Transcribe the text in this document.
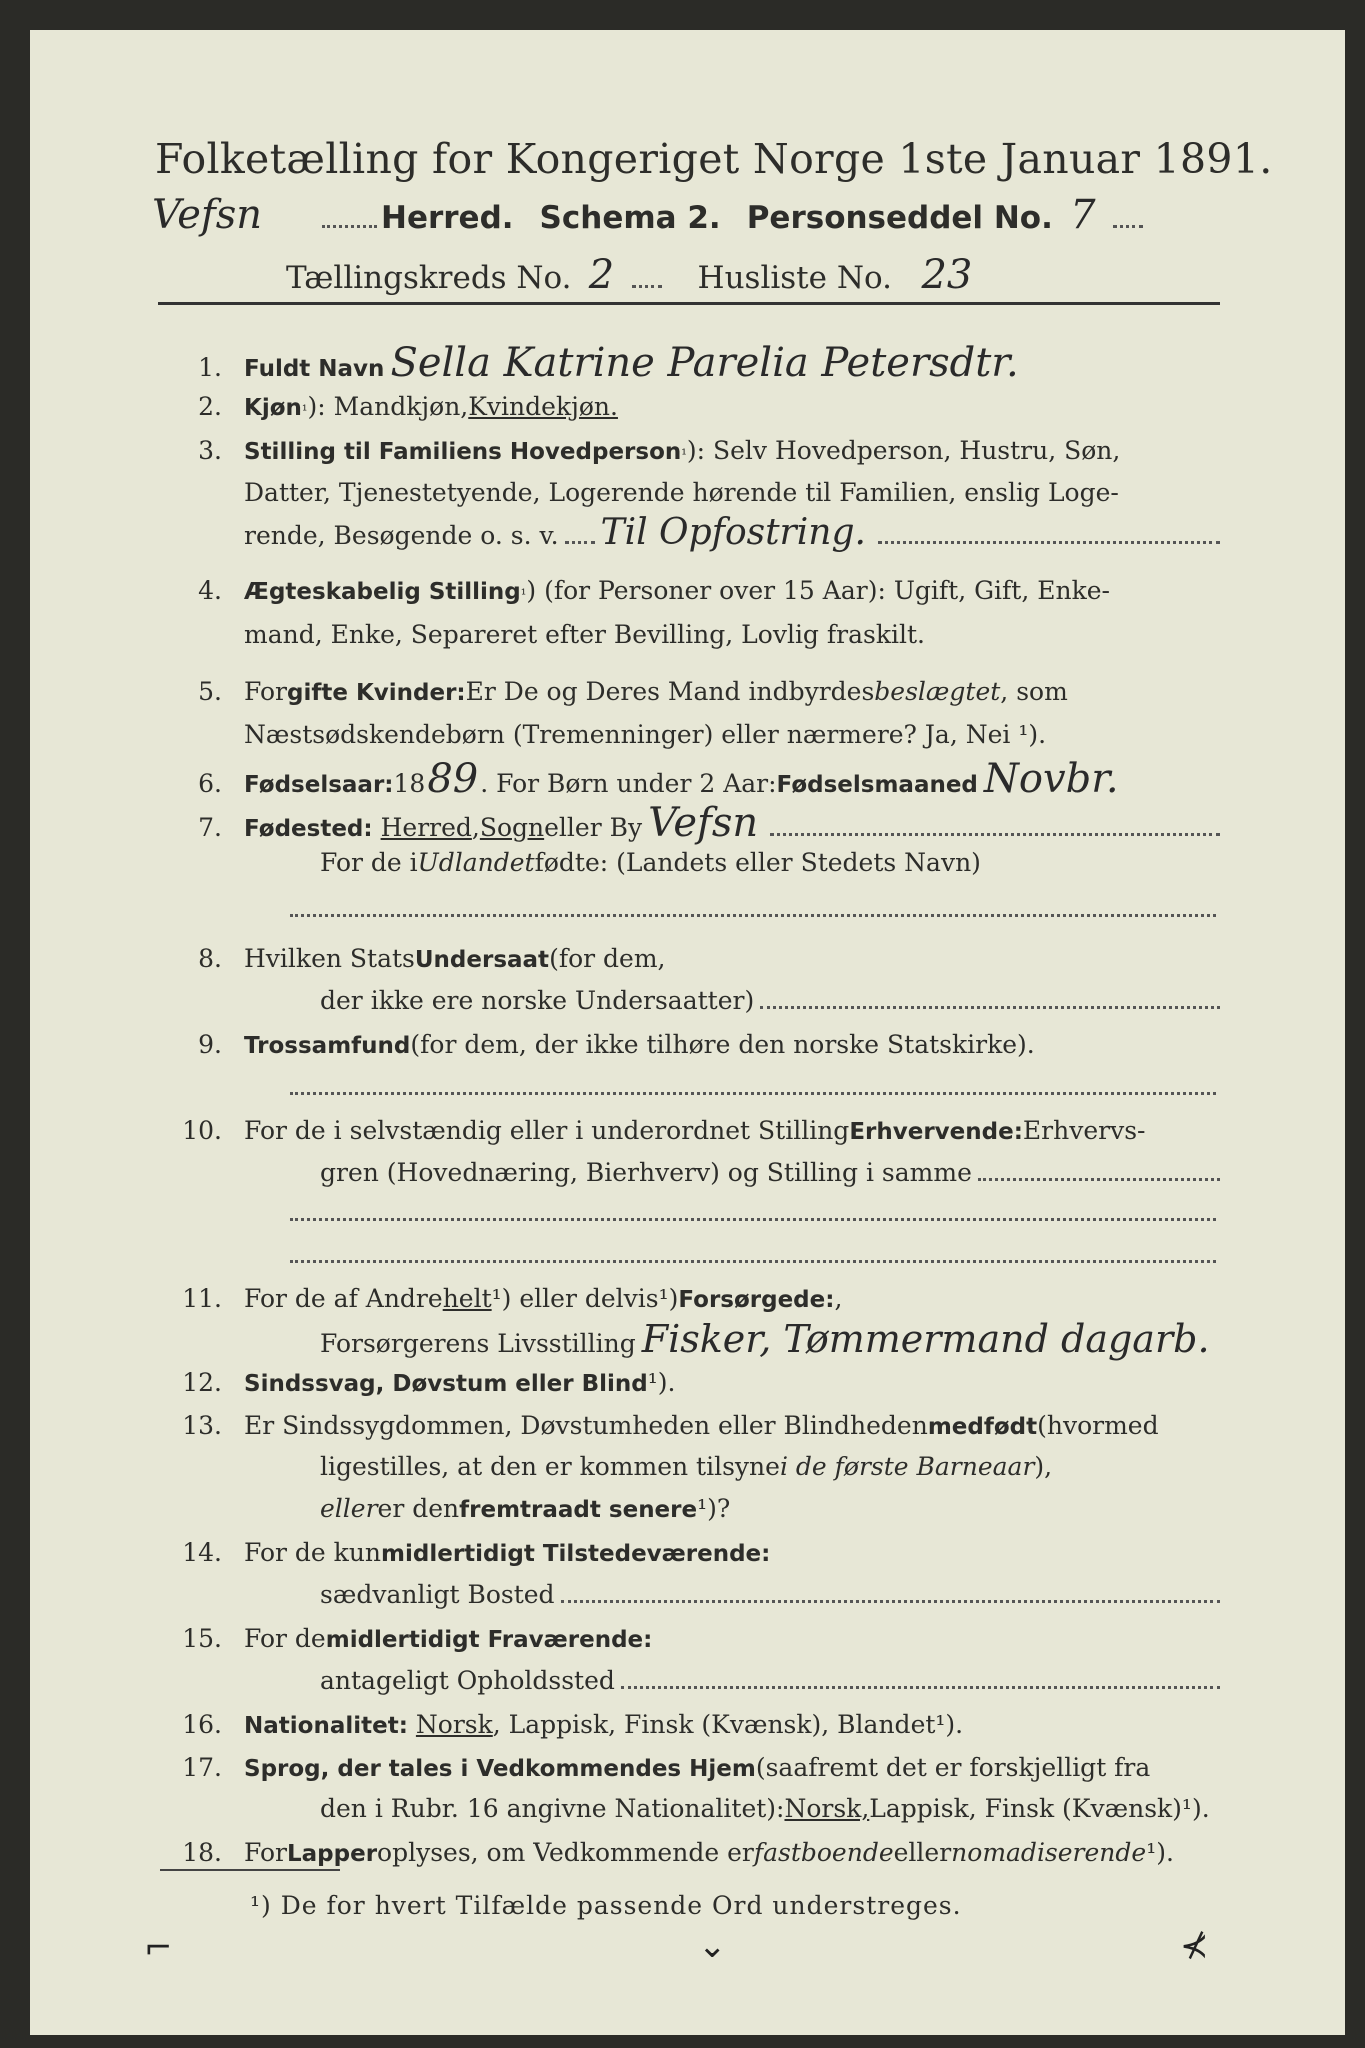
Folketælling for Kongeriget Norge 1ste Januar 1891.
Vefsn	Herred. Schema 2. Personseddel No. 7
Tællingskreds No. 2	Husliste No. 23
1. Fuldt Navn Sella Katrine Parelia Petersdtr.
2. Kjøn ¹ ): Mandkjøn, Kvindekjøn.
3. Stilling til Familiens Hovedperson ¹ ): Selv Hovedperson, Hustru, Søn,
Datter, Tjenestetyende, Logerende hørende til Familien, enslig Loge-
rende, Besøgende o. s. v. Til Opfostring.
4. Ægteskabelig Stilling ¹ ) (for Personer over 15 Aar): Ugift, Gift, Enke-
mand, Enke, Separeret efter Bevilling, Lovlig fraskilt.
5. For gifte Kvinder: Er De og Deres Mand indbyrdes beslægtet , som
Næstsødskendebørn (Tremenninger) eller nærmere? Ja, Nei ¹).
6. Fødselsaar: 18 89 . For Børn under 2 Aar: Fødselsmaaned Novbr.
7. Fødested: Herred , Sogn eller By Vefsn
For de i Udlandet fødte: (Landets eller Stedets Navn)
8. Hvilken Stats Undersaat (for dem,
der ikke ere norske Undersaatter)
9. Trossamfund (for dem, der ikke tilhøre den norske Statskirke).
10. For de i selvstændig eller i underordnet Stilling Erhvervende: Erhvervs-
gren (Hovednæring, Bierhverv) og Stilling i samme
11. For de af Andre helt ¹) eller delvis¹) Forsørgede: ,
Forsørgerens Livsstilling Fisker, Tømmermand dagarb.
12. Sindssvag, Døvstum eller Blind ¹).
13. Er Sindssygdommen, Døvstumheden eller Blindheden medfødt (hvormed
ligestilles, at den er kommen tilsyne i de første Barneaar ),
eller er den fremtraadt senere ¹)?
14. For de kun midlertidigt Tilstedeværende:
sædvanligt Bosted
15. For de midlertidigt Fraværende:
antageligt Opholdssted
16. Nationalitet: Norsk , Lappisk, Finsk (Kvænsk), Blandet¹).
17. Sprog, der tales i Vedkommendes Hjem (saafremt det er forskjelligt fra
den i Rubr. 16 angivne Nationalitet): Norsk, Lappisk, Finsk (Kvænsk)¹).
18. For Lapper oplyses, om Vedkommende er fastboende eller nomadiserende ¹).
¹) De for hvert Tilfælde passende Ord understreges.
⌐	⌄	⊀
